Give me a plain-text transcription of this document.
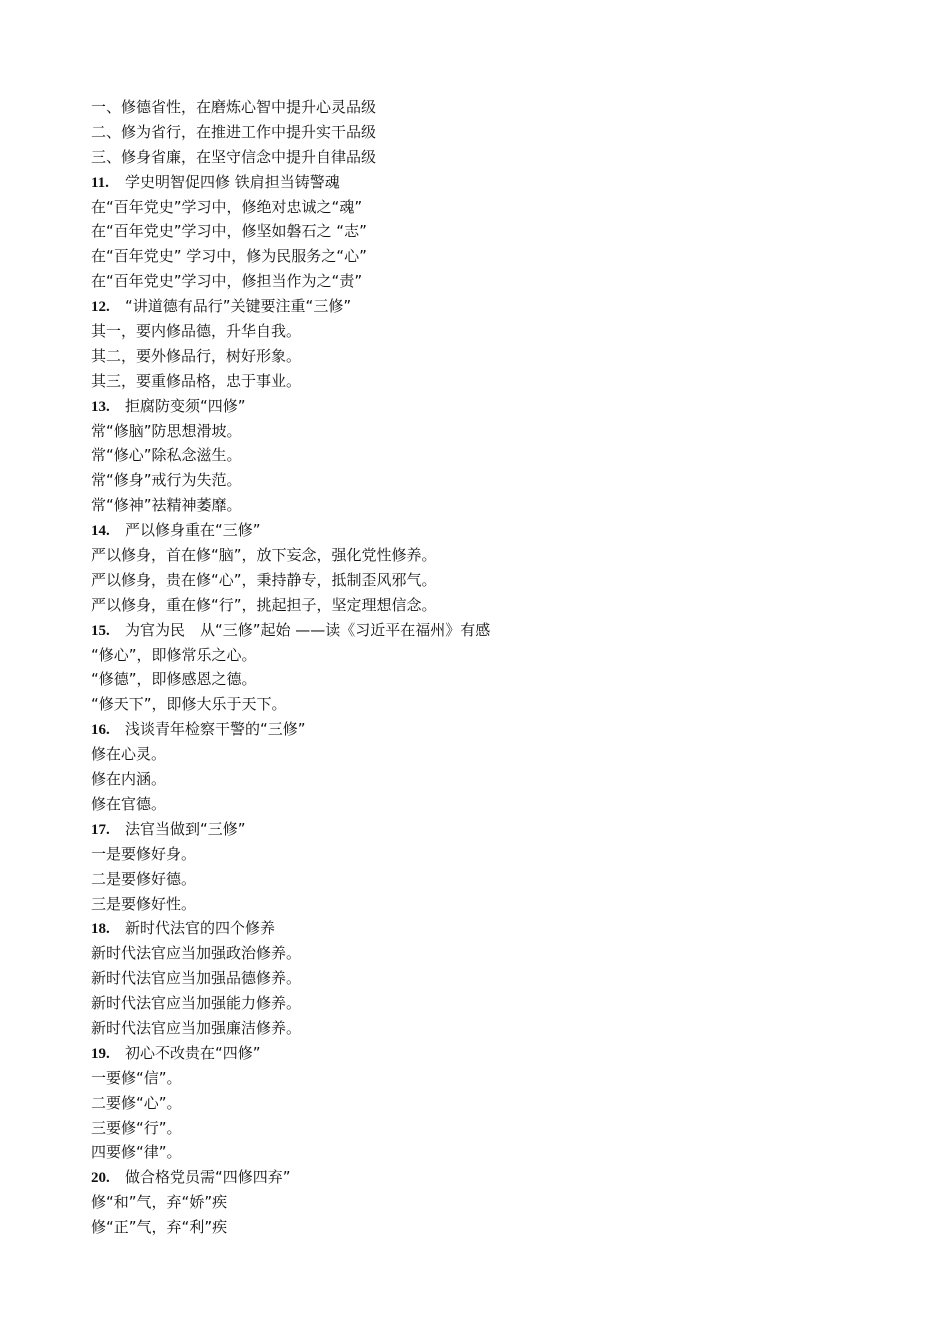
一、修德省性，在磨炼心智中提升心灵品级
二、修为省行，在推进工作中提升实干品级
三、修身省廉，在坚守信念中提升自律品级
11. 学史明智促四修 铁肩担当铸警魂
在“百年党史”学习中，修绝对忠诚之“魂”
在“百年党史”学习中，修坚如磐石之 “志”
在“百年党史” 学习中，修为民服务之“心”
在“百年党史”学习中，修担当作为之“责”
12. “讲道德有品行”关键要注重“三修”
其一，要内修品德，升华自我。
其二，要外修品行，树好形象。
其三，要重修品格，忠于事业。
13. 拒腐防变须“四修”
常“修脑”防思想滑坡。
常“修心”除私念滋生。
常“修身”戒行为失范。
常“修神”祛精神萎靡。
14. 严以修身重在“三修”
严以修身，首在修“脑”，放下妄念，强化党性修养。
严以修身，贵在修“心”，秉持静专，抵制歪风邪气。
严以修身，重在修“行”，挑起担子，坚定理想信念。
15. 为官为民　从“三修”起始 ——读《习近平在福州》有感
“修心”，即修常乐之心。
“修德”，即修感恩之德。
“修天下”，即修大乐于天下。
16. 浅谈青年检察干警的“三修”
修在心灵。
修在内涵。
修在官德。
17. 法官当做到“三修”
一是要修好身。
二是要修好德。
三是要修好性。
18. 新时代法官的四个修养
新时代法官应当加强政治修养。
新时代法官应当加强品德修养。
新时代法官应当加强能力修养。
新时代法官应当加强廉洁修养。
19. 初心不改贵在“四修”
一要修“信”。
二要修“心”。
三要修“行”。
四要修“律”。
20. 做合格党员需“四修四弃”
修“和”气，弃“娇”疾
修“正”气，弃“利”疾
